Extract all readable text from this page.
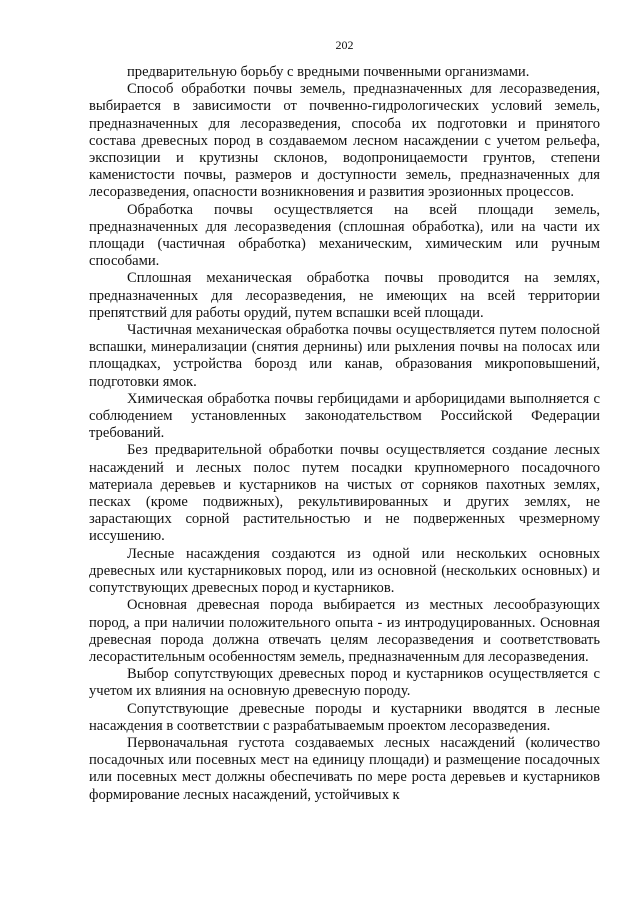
202

предварительную борьбу с вредными почвенными организмами.

Способ обработки почвы земель, предназначенных для лесоразведения, выбирается в зависимости от почвенно-гидрологических условий земель, предназначенных для лесоразведения, способа их подготовки и принятого состава древесных пород в создаваемом лесном насаждении с учетом рельефа, экспозиции и крутизны склонов, водопроницаемости грунтов, степени каменистости почвы, размеров и доступности земель, предназначенных для лесоразведения, опасности возникновения и развития эрозионных процессов.

Обработка почвы осуществляется на всей площади земель, предназначенных для лесоразведения (сплошная обработка), или на части их площади (частичная обработка) механическим, химическим или ручным способами.

Сплошная механическая обработка почвы проводится на землях, предназначенных для лесоразведения, не имеющих на всей территории препятствий для работы орудий, путем вспашки всей площади.

Частичная механическая обработка почвы осуществляется путем полосной вспашки, минерализации (снятия дернины) или рыхления почвы на полосах или площадках, устройства борозд или канав, образования микроповышений, подготовки ямок.

Химическая обработка почвы гербицидами и арборицидами выполняется с соблюдением установленных законодательством Российской Федерации требований.

Без предварительной обработки почвы осуществляется создание лесных насаждений и лесных полос путем посадки крупномерного посадочного материала деревьев и кустарников на чистых от сорняков пахотных землях, песках (кроме подвижных), рекультивированных и других землях, не зарастающих сорной растительностью и не подверженных чрезмерному иссушению.

Лесные насаждения создаются из одной или нескольких основных древесных или кустарниковых пород, или из основной (нескольких основных) и сопутствующих древесных пород и кустарников.

Основная древесная порода выбирается из местных лесообразующих пород, а при наличии положительного опыта - из интродуцированных. Основная древесная порода должна отвечать целям лесоразведения и соответствовать лесорастительным особенностям земель, предназначенным для лесоразведения.

Выбор сопутствующих древесных пород и кустарников осуществляется с учетом их влияния на основную древесную породу.

Сопутствующие древесные породы и кустарники вводятся в лесные насаждения в соответствии с разрабатываемым проектом лесоразведения.

Первоначальная густота создаваемых лесных насаждений (количество посадочных или посевных мест на единицу площади) и размещение посадочных или посевных мест должны обеспечивать по мере роста деревьев и кустарников формирование лесных насаждений, устойчивых к
